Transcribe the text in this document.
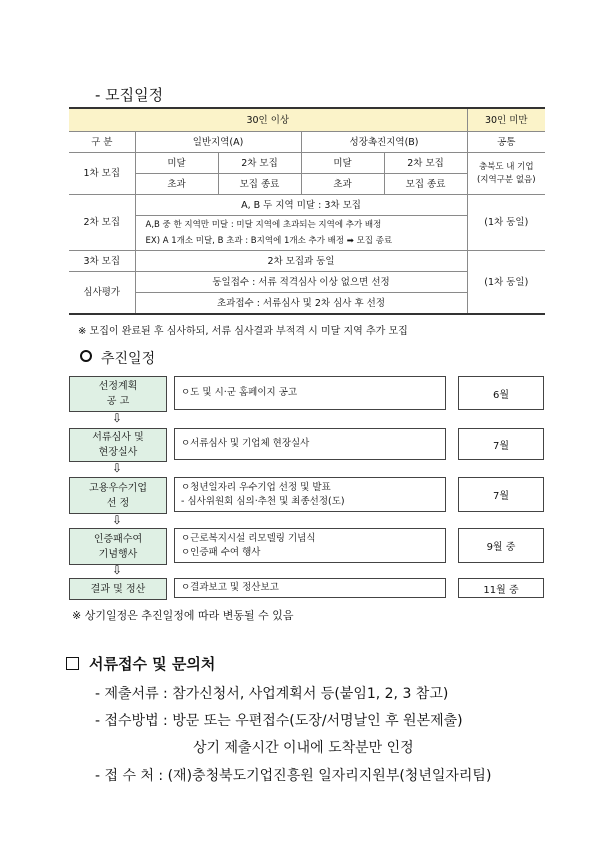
- 모집일정
30인 이상					30인 미만
구 분	일반지역(A)		성장촉진지역(B)		공통
1차 모집	미달	2차 모집	미달	2차 모집	충북도 내 기업
(지역구분 없음)
	초과	모집 종료	초과	모집 종료	
2차 모집	A, B 두 지역 미달 : 3차 모집				(1차 동일)
	A,B 중 한 지역만 미달 : 미달 지역에 초과되는 지역에 추가 배정
EX) A 1개소 미달, B 초과 : B지역에 1개소 추가 배정 ➡ 모집 종료				
3차 모집	2차 모집과 동일				(1차 동일)
심사평가	동일접수 : 서류 적격심사 이상 없으면 선정				
	초과접수 : 서류심사 및 2차 심사 후 선정				
※ 모집이 완료된 후 심사하되, 서류 심사결과 부적격 시 미달 지역 추가 모집
추진일정
선정계획
공 고
ㅇ도 및 시·군 홈페이지 공고	6월
⇩
서류심사 및
현장실사
ㅇ서류심사 및 기업체 현장실사	7월
⇩
고용우수기업
선 정
ㅇ청년일자리 우수기업 선정 및 발표
- 심사위원회 심의·추천 및 최종선정(도)	7월
⇩
인증패수여
기념행사
ㅇ근로복지시설 리모델링 기념식
ㅇ인증패 수여 행사	9월 중
⇩
결과 및 정산	ㅇ결과보고 및 정산보고	11월 중
※ 상기일정은 추진일정에 따라 변동될 수 있음
서류접수 및 문의처
- 제출서류 : 참가신청서, 사업계획서 등(붙임1, 2, 3 참고)
- 접수방법 : 방문 또는 우편접수(도장/서명날인 후 원본제출)
상기 제출시간 이내에 도착분만 인정
- 접 수 처 : (재)충청북도기업진흥원 일자리지원부(청년일자리팀)
